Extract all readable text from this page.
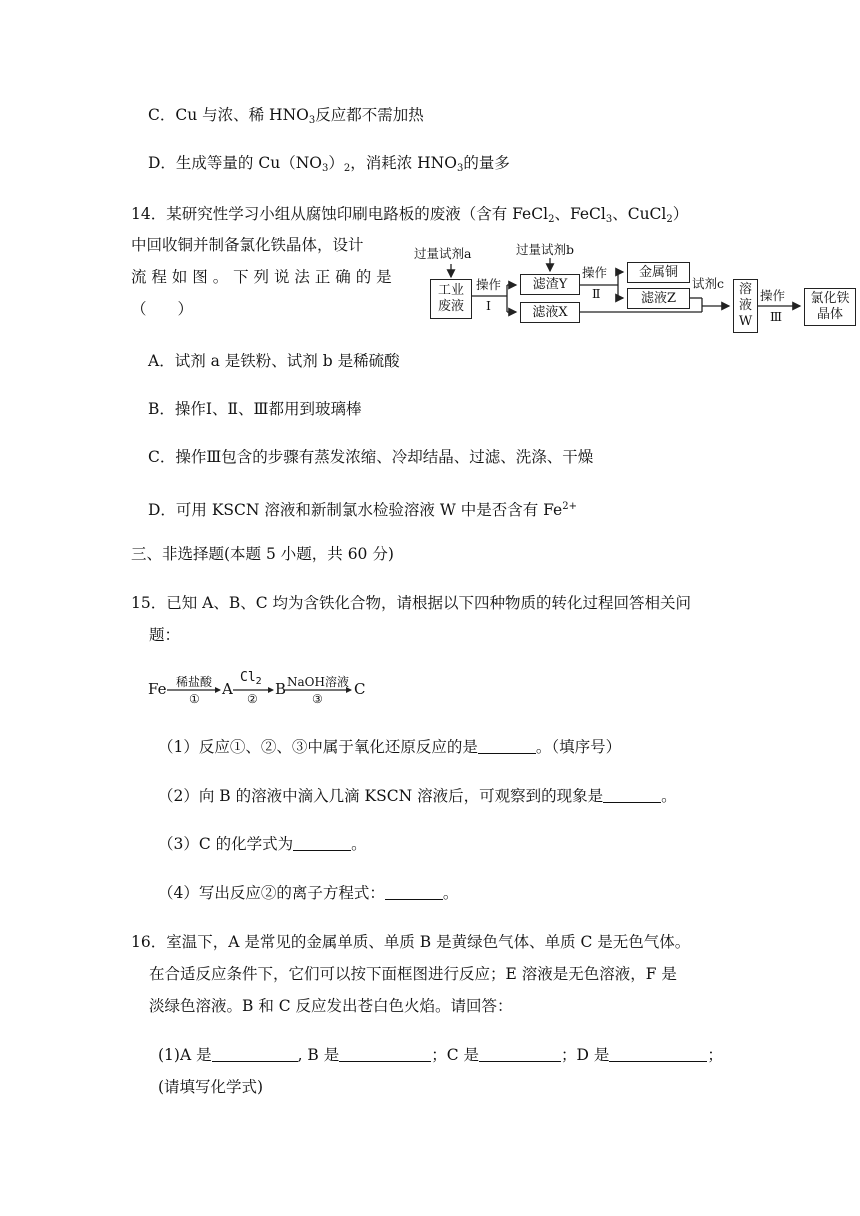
C．Cu 与浓、稀 $HNO_3$反应都不需加热
D．生成等量的 $Cu(NO_3)_2$，消耗浓 $HNO_3$的量多
14．某研究性学习小组从腐蚀印刷电路板的废液（含有 FeCl$_2$、FeCl$_3$、CuCl$_2$）
中回收铜并制备氯化铁晶体，设计
流 程 如 图 。 下 列 说 法 正 确 的 是
（　　）
过量试剂a	过量试剂b
试剂c
工业
废液
操作
Ⅰ
滤渣Y
滤液X
操作
Ⅱ
金属铜
滤液Z
溶
液
W
操作
Ⅲ
氯化铁
晶体
A．试剂 a 是铁粉、试剂 b 是稀硫酸
B．操作Ⅰ、Ⅱ、Ⅲ都用到玻璃棒
C．操作Ⅲ包含的步骤有蒸发浓缩、冷却结晶、过滤、洗涤、干燥
D．可用 KSCN 溶液和新制氯水检验溶液 W 中是否含有 $Fe^{2+}$
三、非选择题(本题 5 小题，共 60 分)
15．已知 A、B、C 均为含铁化合物，请根据以下四种物质的转化过程回答相关问
题：
Fe 稀盐酸
①
A
$Cl_2$
②
B NaOH溶液
③
C
（1）反应①、②、③中属于氧化还原反应的是	。（填序号）
（2）向 B 的溶液中滴入几滴 KSCN 溶液后，可观察到的现象是	。
（3）C 的化学式为	。
（4）写出反应②的离子方程式：	。
16．室温下，A 是常见的金属单质、单质 B 是黄绿色气体、单质 C 是无色气体。
在合适反应条件下，它们可以按下面框图进行反应；E 溶液是无色溶液，F 是
淡绿色溶液。B 和 C 反应发出苍白色火焰。请回答：
(1)A 是	, B 是	；C 是	；D 是	；
(请填写化学式)
